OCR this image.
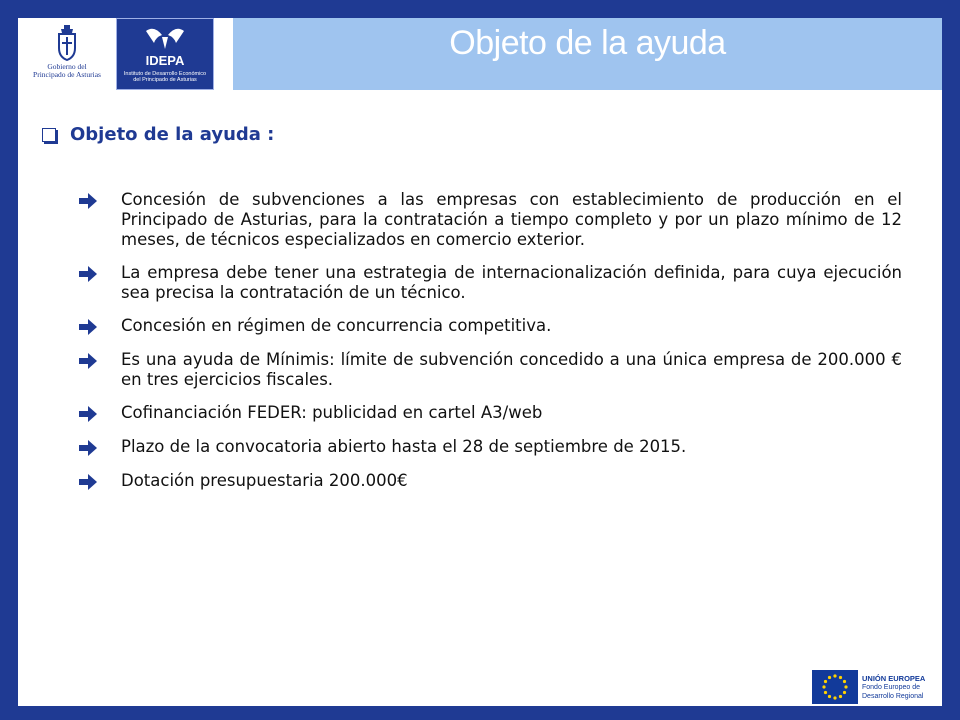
Gobierno del
Principado de Asturias
IDEPA
Instituto de Desarrollo Económico
del Principado de Asturias
Objeto de la ayuda
Objeto de la ayuda :
Concesión de subvenciones a las empresas con establecimiento de producción en el Principado de Asturias, para la contratación a tiempo completo y por un plazo mínimo de 12 meses, de técnicos especializados en comercio exterior.
La empresa debe tener una estrategia de internacionalización definida, para cuya ejecución sea precisa la contratación de un técnico.
Concesión en régimen de concurrencia competitiva.
Es una ayuda de Mínimis: límite de subvención concedido a una única empresa de 200.000 € en tres ejercicios fiscales.
Cofinanciación FEDER: publicidad en cartel A3/web
Plazo de la convocatoria abierto hasta el 28 de septiembre de 2015.
Dotación presupuestaria 200.000€
UNIÓN EUROPEA
Fondo Europeo de
Desarrollo Regional
